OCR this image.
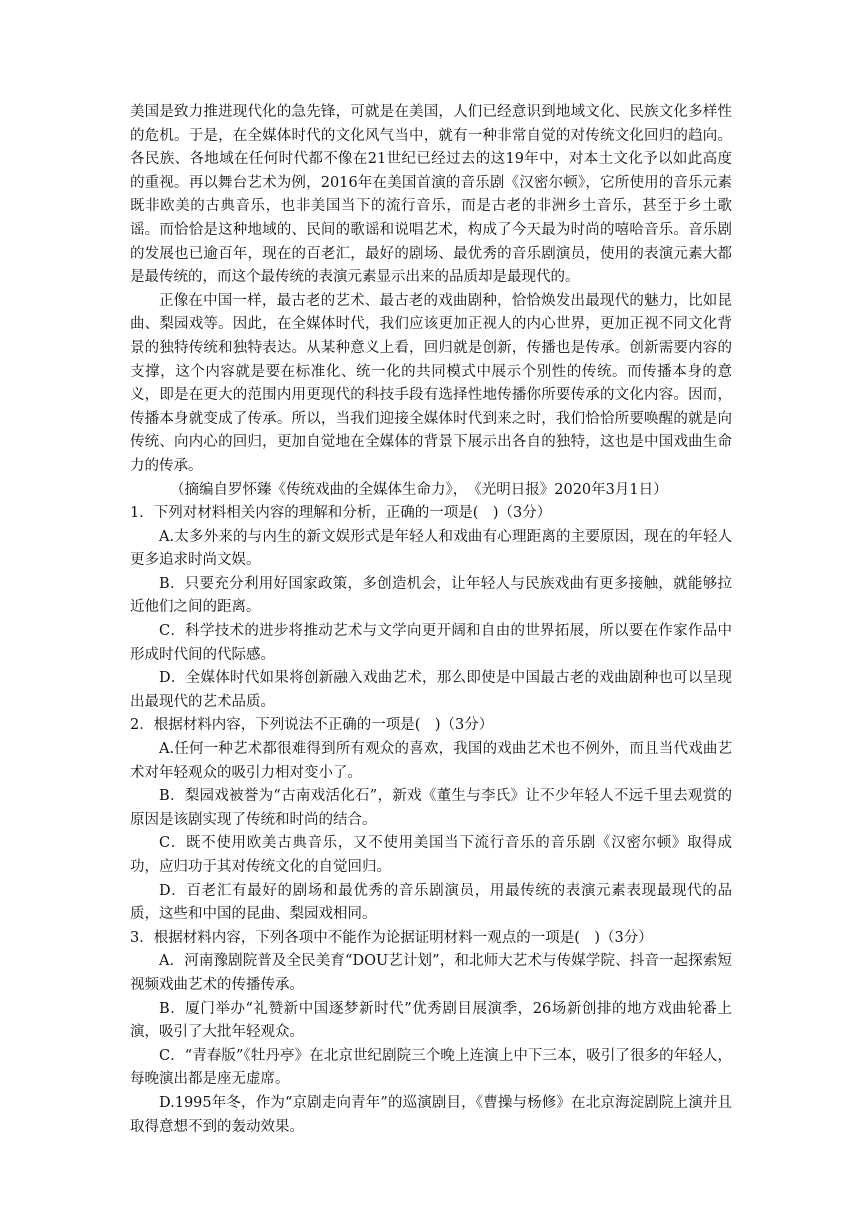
美国是致力推进现代化的急先锋，可就是在美国，人们已经意识到地域文化、民族文化多样性的危机。于是，在全媒体时代的文化风气当中，就有一种非常自觉的对传统文化回归的趋向。各民族、各地域在任何时代都不像在21世纪已经过去的这19年中，对本土文化予以如此高度的重视。再以舞台艺术为例，2016年在美国首演的音乐剧《汉密尔顿》，它所使用的音乐元素既非欧美的古典音乐，也非美国当下的流行音乐，而是古老的非洲乡土音乐，甚至于乡土歌谣。而恰恰是这种地域的、民间的歌谣和说唱艺术，构成了今天最为时尚的嘻哈音乐。音乐剧的发展也已逾百年，现在的百老汇，最好的剧场、最优秀的音乐剧演员，使用的表演元素大都是最传统的，而这个最传统的表演元素显示出来的品质却是最现代的。

正像在中国一样，最古老的艺术、最古老的戏曲剧种，恰恰焕发出最现代的魅力，比如昆曲、梨园戏等。因此，在全媒体时代，我们应该更加正视人的内心世界，更加正视不同文化背景的独特传统和独特表达。从某种意义上看，回归就是创新，传播也是传承。创新需要内容的支撑，这个内容就是要在标准化、统一化的共同模式中展示个别性的传统。而传播本身的意义，即是在更大的范围内用更现代的科技手段有选择性地传播你所要传承的文化内容。因而，传播本身就变成了传承。所以，当我们迎接全媒体时代到来之时，我们恰恰所要唤醒的就是向传统、向内心的回归，更加自觉地在全媒体的背景下展示出各自的独特，这也是中国戏曲生命力的传承。

（摘编自罗怀臻《传统戏曲的全媒体生命力》，　《光明日报》2020年3月1日）

1．下列对材料相关内容的理解和分析，正确的一项是(　)（3分）

A.太多外来的与内生的新文娱形式是年轻人和戏曲有心理距离的主要原因，现在的年轻人更多追求时尚文娱。

B．只要充分利用好国家政策，多创造机会，让年轻人与民族戏曲有更多接触，就能够拉近他们之间的距离。

C．科学技术的进步将推动艺术与文学向更开阔和自由的世界拓展，所以要在作家作品中形成时代间的代际感。

D．全媒体时代如果将创新融入戏曲艺术，那么即使是中国最古老的戏曲剧种也可以呈现出最现代的艺术品质。

2．根据材料内容，下列说法不正确的一项是(　)（3分）

A.任何一种艺术都很难得到所有观众的喜欢，我国的戏曲艺术也不例外，而且当代戏曲艺术对年轻观众的吸引力相对变小了。

B．梨园戏被誉为“古南戏活化石”，新戏《董生与李氏》让不少年轻人不远千里去观赏的原因是该剧实现了传统和时尚的结合。

C．既不使用欧美古典音乐，又不使用美国当下流行音乐的音乐剧《汉密尔顿》取得成功，应归功于其对传统文化的自觉回归。

D．百老汇有最好的剧场和最优秀的音乐剧演员，用最传统的表演元素表现最现代的品质，这些和中国的昆曲、梨园戏相同。

3．根据材料内容，下列各项中不能作为论据证明材料一观点的一项是(　)（3分）

A．河南豫剧院普及全民美育“DOU艺计划”，和北师大艺术与传媒学院、抖音一起探索短视频戏曲艺术的传播传承。

B．厦门举办“礼赞新中国逐梦新时代”优秀剧目展演季，26场新创排的地方戏曲轮番上演，吸引了大批年轻观众。

C．“青春版”《牡丹亭》在北京世纪剧院三个晚上连演上中下三本，吸引了很多的年轻人，每晚演出都是座无虚席。

D.1995年冬，作为“京剧走向青年”的巡演剧目，《曹操与杨修》在北京海淀剧院上演并且取得意想不到的轰动效果。
